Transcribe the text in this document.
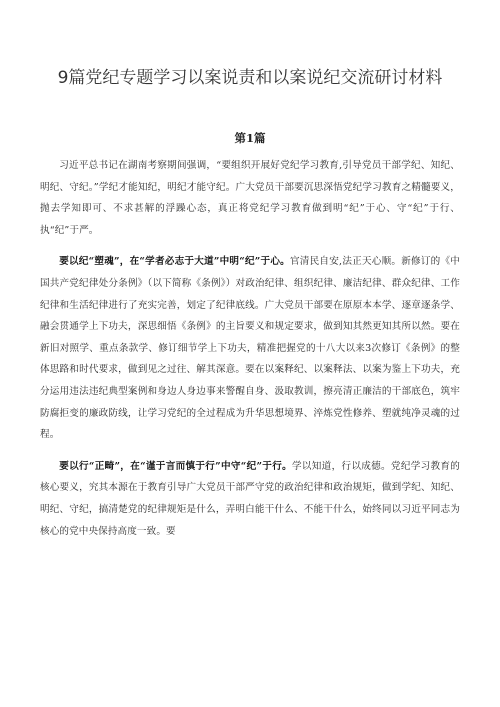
9篇党纪专题学习以案说责和以案说纪交流研讨材料
第1篇

习近平总书记在湖南考察期间强调，“要组织开展好党纪学习教育,引导党员干部学纪、知纪、明纪、守纪。”学纪才能知纪，明纪才能守纪。广大党员干部要沉思深悟党纪学习教育之精髓要义，抛去学知即可、不求甚解的浮躁心态，真正将党纪学习教育做到明“纪”于心、守“纪”于行、执“纪”于严。

要以纪“塑魂”，在“学者必志于大道”中明“纪”于心。官清民自安,法正天心顺。新修订的《中国共产党纪律处分条例》（以下简称《条例》）对政治纪律、组织纪律、廉洁纪律、群众纪律、工作纪律和生活纪律进行了充实完善，划定了纪律底线。广大党员干部要在原原本本学、逐章逐条学、融会贯通学上下功夫，深思细悟《条例》的主旨要义和规定要求，做到知其然更知其所以然。要在新旧对照学、重点条款学、修订细节学上下功夫，精准把握党的十八大以来3次修订《条例》的整体思路和时代要求，做到见之过往、解其深意。要在以案释纪、以案释法、以案为鉴上下功夫，充分运用违法违纪典型案例和身边人身边事来警醒自身、汲取教训，擦亮清正廉洁的干部底色，筑牢防腐拒变的廉政防线，让学习党纪的全过程成为升华思想境界、淬炼党性修养、塑就纯净灵魂的过程。

要以行“正畸”，在“谨于言而慎于行”中守“纪”于行。学以知道，行以成德。党纪学习教育的核心要义，究其本源在于教育引导广大党员干部严守党的政治纪律和政治规矩，做到学纪、知纪、明纪、守纪，搞清楚党的纪律规矩是什么，弄明白能干什么、不能干什么，始终同以习近平同志为核心的党中央保持高度一致。要
